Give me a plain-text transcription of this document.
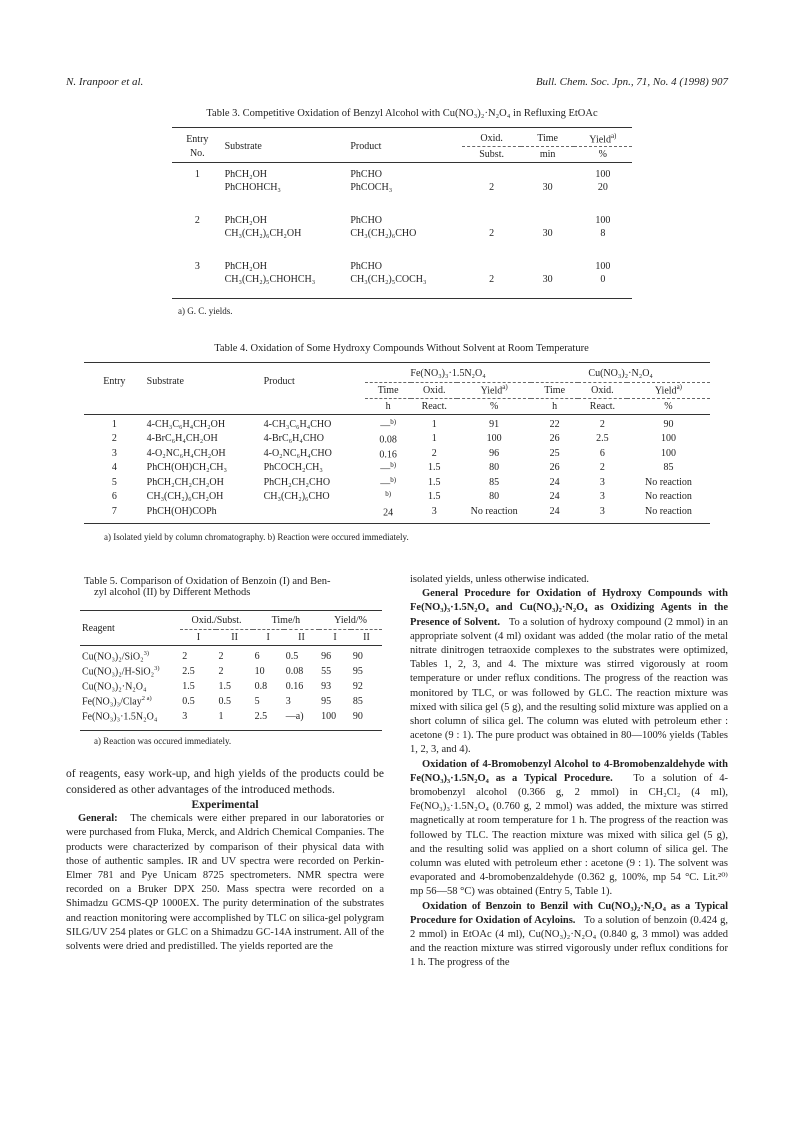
N. Iranpoor et al.	Bull. Chem. Soc. Jpn., 71, No. 4 (1998) 907
Table 3. Competitive Oxidation of Benzyl Alcohol with Cu(NO₃)₂·N₂O₄ in Refluxing EtOAc
Entry	Substrate	Product	Oxid.	Time	Yield$^{a)}$
No.			Subst.	min	%

1	PhCH₂OH	PhCHO			100
	PhCHOHCH₃	PhCOCH₃	2	30	20

2	PhCH₂OH	PhCHO			100
	CH₃(CH₂)₆CH₂OH	CH₃(CH₂)₆CHO	2	30	8

3	PhCH₂OH	PhCHO			100
	CH₃(CH₂)₅CHOHCH₃	CH₃(CH₂)₅COCH₃	2	30	0
a) G. C. yields.
Table 4. Oxidation of Some Hydroxy Compounds Without Solvent at Room Temperature
Entry	Substrate	Product	Fe(NO₃)₃·1.5N₂O₄			Cu(NO₃)₂·N₂O₄		
			Time	Oxid.	Yield$^{a)}$	Time	Oxid.	Yield$^{a)}$
			h	React.	%	h	React.	%

1	4-CH₃C₆H₄CH₂OH	4-CH₃C₆H₄CHO	—$^{b)}$	1	91	22	2	90
2	4-BrC₆H₄CH₂OH	4-BrC₆H₄CHO	0.08	1	100	26	2.5	100
3	4-O₂NC₆H₄CH₂OH	4-O₂NC₆H₄CHO	0.16	2	96	25	6	100
4	PhCH(OH)CH₂CH₃	PhCOCH₂CH₃	—$^{b)}$	1.5	80	26	2	85
5	PhCH₂CH₂CH₂OH	PhCH₂CH₂CHO	—$^{b)}$	1.5	85	24	3	No reaction
6	CH₃(CH₂)₆CH₂OH	CH₃(CH₂)₆CHO	$^{b)}$	1.5	80	24	3	No reaction
7	PhCH(OH)COPh		24	3	No reaction	24	3	No reaction
a) Isolated yield by column chromatography. b) Reaction were occured immediately.
Table 5. Comparison of Oxidation of Benzoin (I) and Ben-
zyl alcohol (II) by Different Methods
Reagent	Oxid./Subst.		Time/h		Yield/%	
	I	II	I	II	I	II

Cu(NO₃)₂/SiO₂$^{3)}$	2	2	6	0.5	96	90
Cu(NO₃)₂/H-SiO₂$^{3)}$	2.5	2	10	0.08	55	95
Cu(NO₃)₂·N₂O₄	1.5	1.5	0.8	0.16	93	92
Fe(NO₃)₃/Clay$^{2 a)}$	0.5	0.5	5	3	95	85
Fe(NO₃)₃·1.5N₂O₄	3	1	2.5	—a)	100	90
a) Reaction was occured immediately.

of reagents, easy work-up, and high yields of the products could be considered as other advantages of the introduced methods.

Experimental

General: The chemicals were either prepared in our laboratories or were purchased from Fluka, Merck, and Aldrich Chemical Companies. The products were characterized by comparison of their physical data with those of authentic samples. IR and UV spectra were recorded on Perkin-Elmer 781 and Pye Unicam 8725 spectrometers. NMR spectra were recorded on a Bruker DPX 250. Mass spectra were recorded on a Shimadzu GCMS-QP 1000EX. The purity determination of the substrates and reaction monitoring were accomplished by TLC on silica-gel polygram SILG/UV 254 plates or GLC on a Shimadzu GC-14A instrument. All of the solvents were dried and predistilled. The yields reported are the

isolated yields, unless otherwise indicated.

General Procedure for Oxidation of Hydroxy Compounds with Fe(NO₃)₃·1.5N₂O₄ and Cu(NO₃)₂·N₂O₄ as Oxidizing Agents in the Presence of Solvent. To a solution of hydroxy compound (2 mmol) in an appropriate solvent (4 ml) oxidant was added (the molar ratio of the metal nitrate dinitrogen tetraoxide complexes to the substrates were optimized, Tables 1, 2, 3, and 4. The mixture was stirred vigorously at room temperature or under reflux conditions. The progress of the reaction was monitored by TLC, or was followed by GLC. The reaction mixture was mixed with silica gel (5 g), and the resulting solid mixture was applied on a short column of silica gel. The column was eluted with petroleum ether : acetone (9 : 1). The pure product was obtained in 80—100% yields (Tables 1, 2, 3, and 4).

Oxidation of 4-Bromobenzyl Alcohol to 4-Bromobenzaldehyde with Fe(NO₃)₃·1.5N₂O₄ as a Typical Procedure. To a solution of 4-bromobenzyl alcohol (0.366 g, 2 mmol) in CH₂Cl₂ (4 ml), Fe(NO₃)₃·1.5N₂O₄ (0.760 g, 2 mmol) was added, the mixture was stirred magnetically at room temperature for 1 h. The progress of the reaction was followed by TLC. The reaction mixture was mixed with silica gel (5 g), and the resulting solid was applied on a short column of silica gel. The column was eluted with petroleum ether : acetone (9 : 1). The solvent was evaporated and 4-bromobenzaldehyde (0.362 g, 100%, mp 54 °C. Lit.²⁰⁾ mp 56—58 °C) was obtained (Entry 5, Table 1).

Oxidation of Benzoin to Benzil with Cu(NO₃)₂·N₂O₄ as a Typical Procedure for Oxidation of Acyloins. To a solution of benzoin (0.424 g, 2 mmol) in EtOAc (4 ml), Cu(NO₃)₂·N₂O₄ (0.840 g, 3 mmol) was added and the reaction mixture was stirred vigorously under reflux conditions for 1 h. The progress of the
